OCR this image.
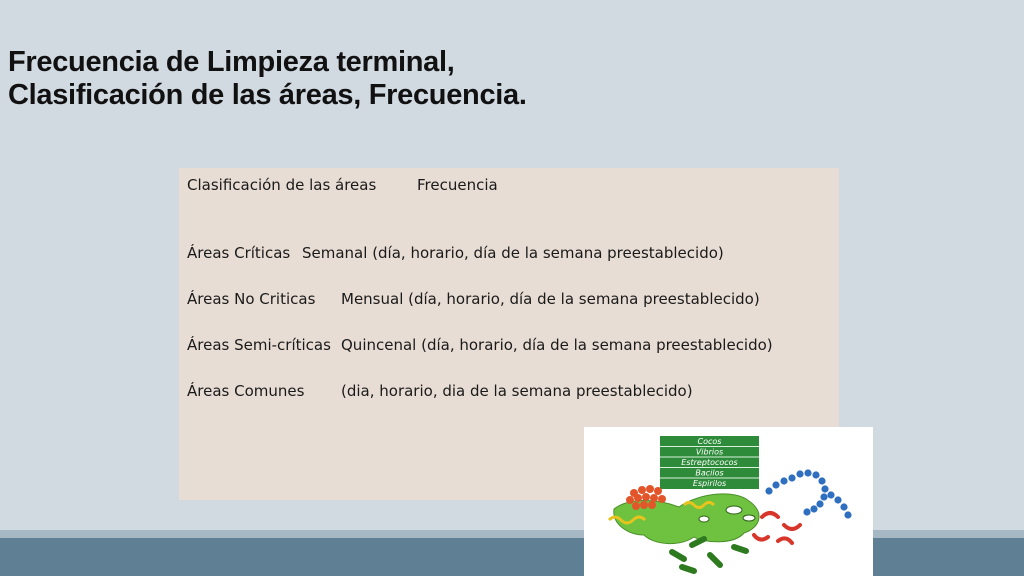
Frecuencia de Limpieza terminal,
Clasificación de las áreas, Frecuencia.
Clasificación de las áreas	Frecuencia
Áreas Críticas Semanal (día, horario, día de la semana preestablecido)
Áreas No Criticas Mensual (día, horario, día de la semana preestablecido)
Áreas Semi-críticas Quincenal (día, horario, día de la semana preestablecido)
Áreas Comunes (dia, horario, dia de la semana preestablecido)
Cocos
Vibrios
Estreptococos
Bacilos
Espirilos
